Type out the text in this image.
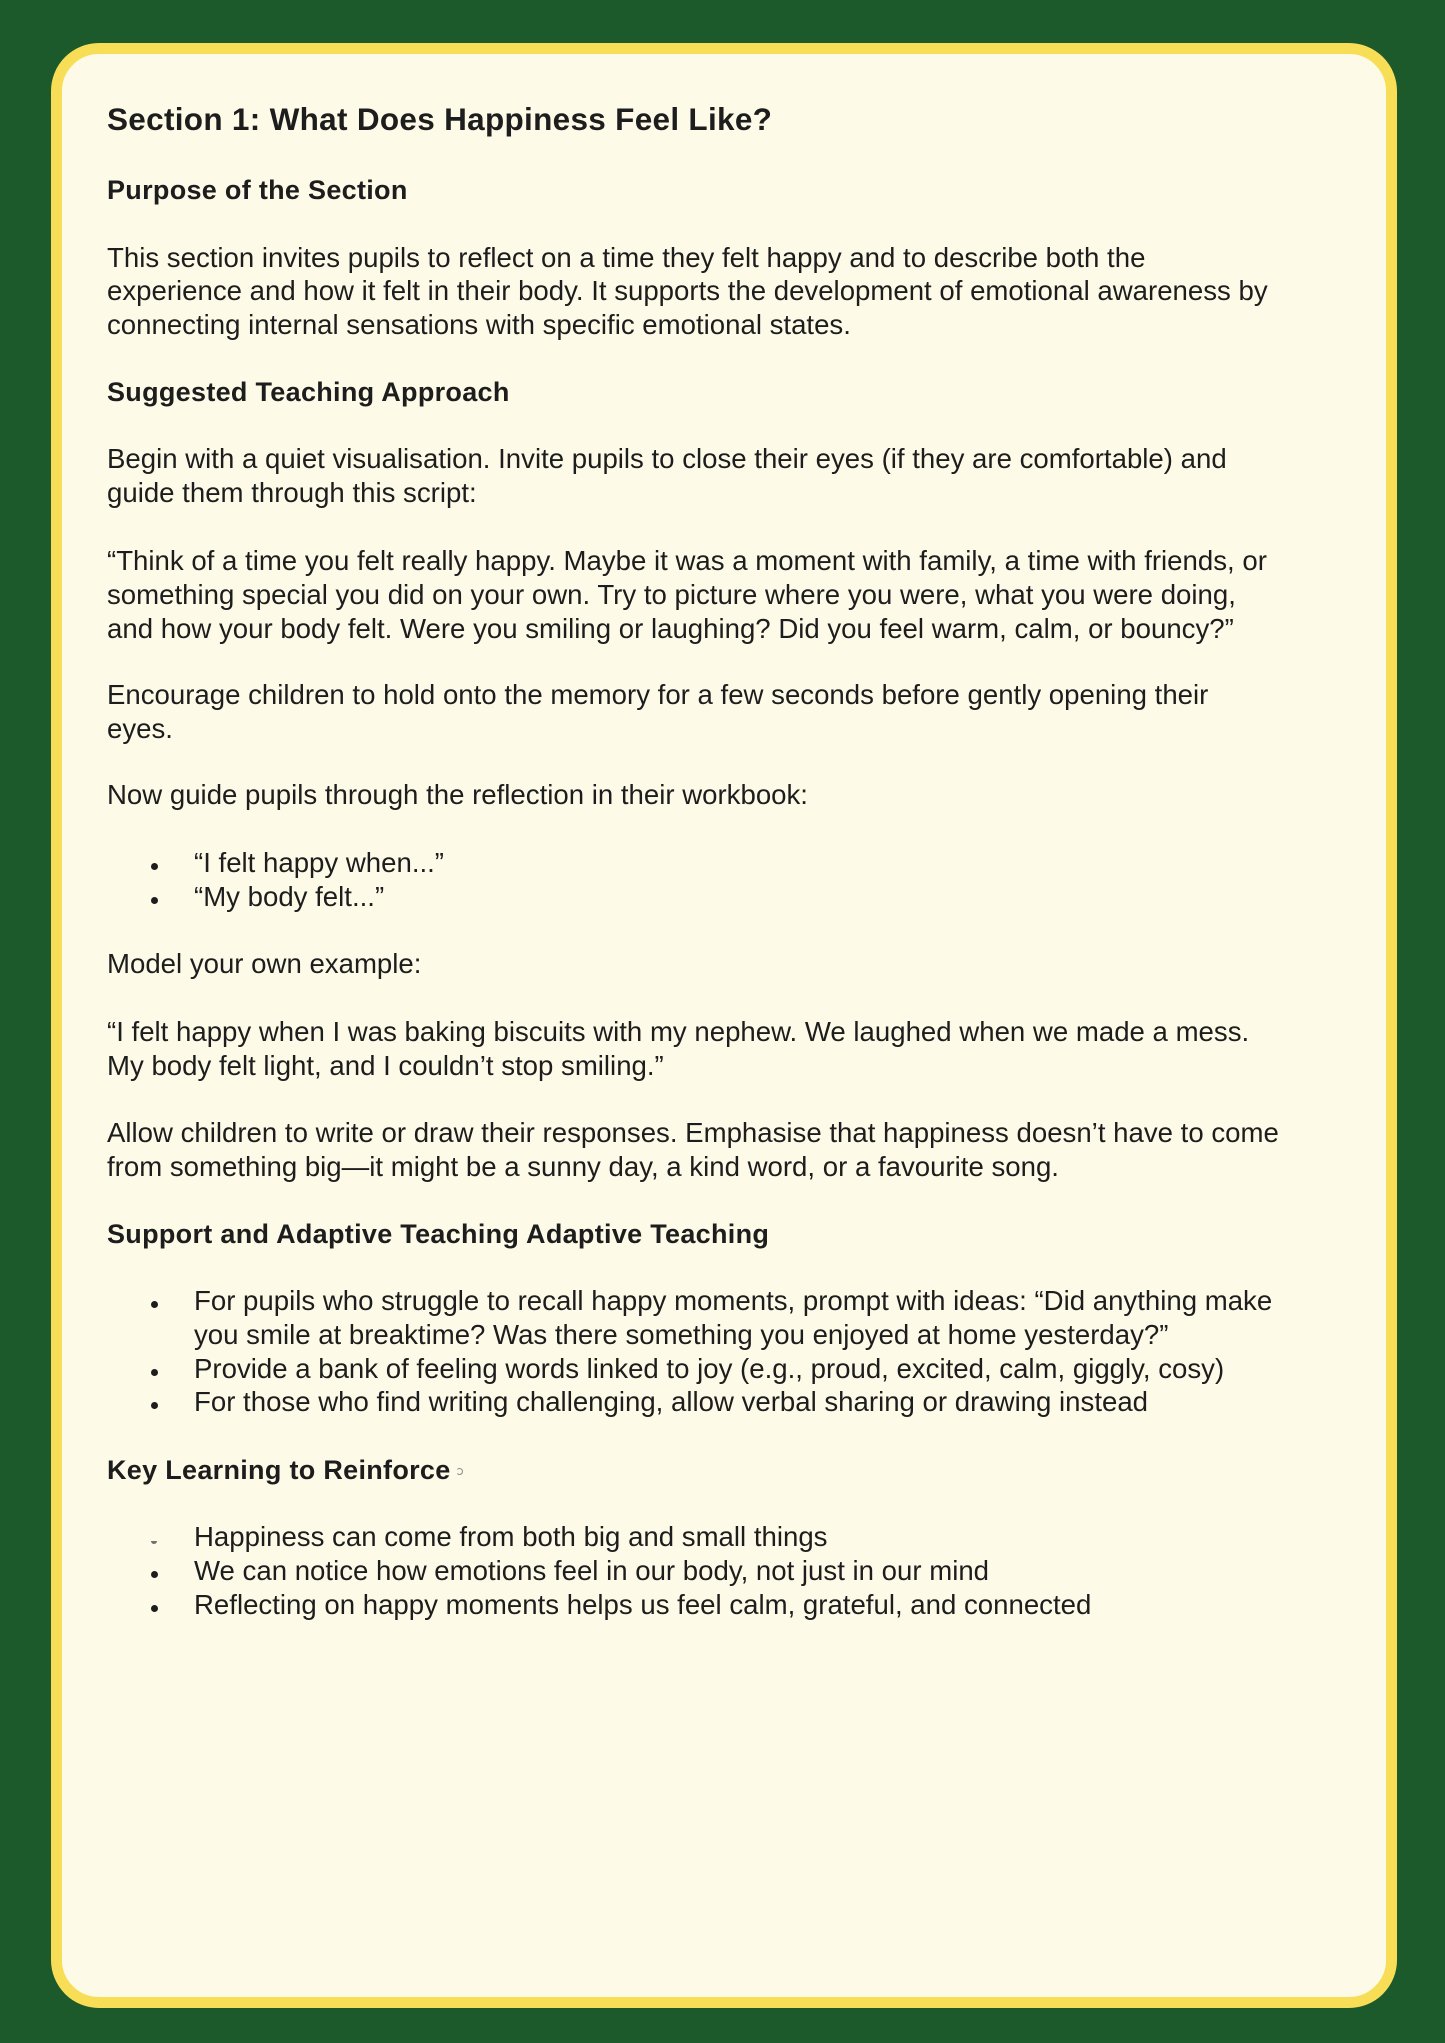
Section 1: What Does Happiness Feel Like?
Purpose of the Section

This section invites pupils to reflect on a time they felt happy and to describe both the

experience and how it felt in their body. It supports the development of emotional awareness by

connecting internal sensations with specific emotional states.

Suggested Teaching Approach

Begin with a quiet visualisation. Invite pupils to close their eyes (if they are comfortable) and

guide them through this script:

“Think of a time you felt really happy. Maybe it was a moment with family, a time with friends, or

something special you did on your own. Try to picture where you were, what you were doing,

and how your body felt. Were you smiling or laughing? Did you feel warm, calm, or bouncy?”

Encourage children to hold onto the memory for a few seconds before gently opening their

eyes.

Now guide pupils through the reflection in their workbook:

“I felt happy when...”
“My body felt...”

Model your own example:

“I felt happy when I was baking biscuits with my nephew. We laughed when we made a mess.

My body felt light, and I couldn’t stop smiling.”

Allow children to write or draw their responses. Emphasise that happiness doesn’t have to come

from something big—it might be a sunny day, a kind word, or a favourite song.

Support and Adaptive Teaching Adaptive Teaching
For pupils who struggle to recall happy moments, prompt with ideas: “Did anything make
you smile at breaktime? Was there something you enjoyed at home yesterday?”
Provide a bank of feeling words linked to joy (e.g., proud, excited, calm, giggly, cosy)
For those who find writing challenging, allow verbal sharing or drawing instead
Key Learning to Reinforce
Happiness can come from both big and small things
We can notice how emotions feel in our body, not just in our mind
Reflecting on happy moments helps us feel calm, grateful, and connected
